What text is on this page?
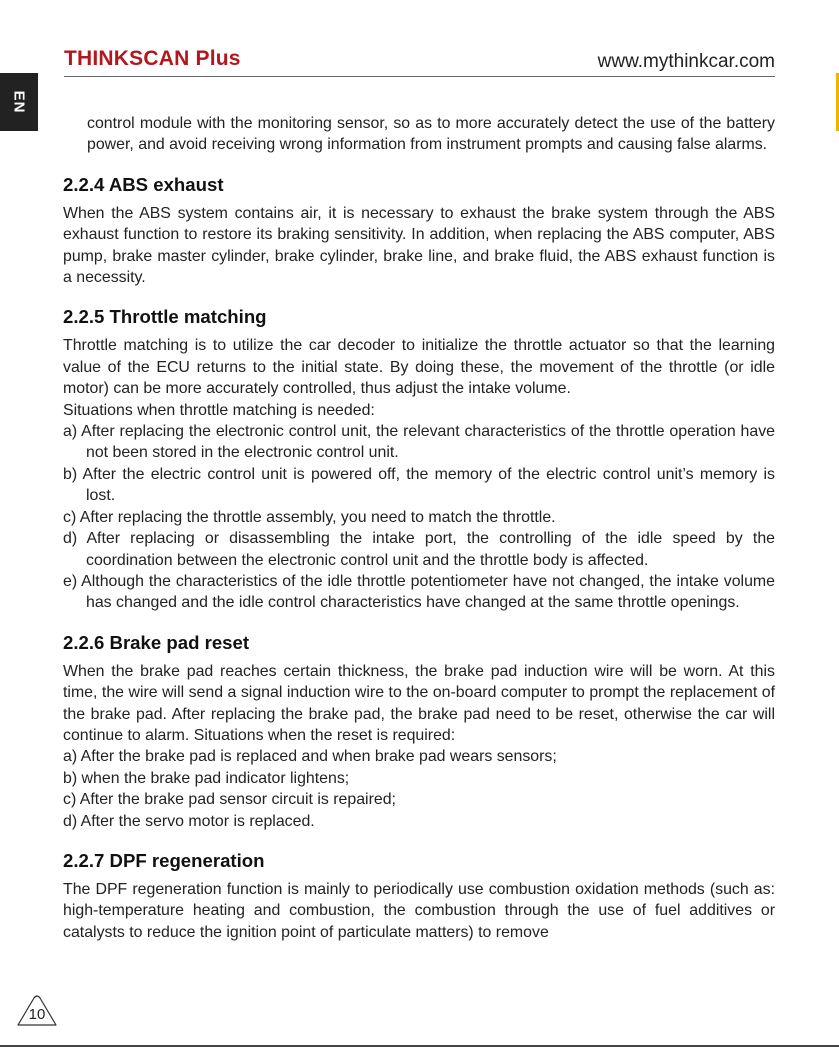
THINKSCAN Plus	www.mythinkcar.com
EN

control module with the monitoring sensor, so as to more accurately detect the use of the battery power, and avoid receiving wrong information from instrument prompts and causing false alarms.

2.2.4 ABS exhaust

When the ABS system contains air, it is necessary to exhaust the brake system through the ABS exhaust function to restore its braking sensitivity. In addition, when replacing the ABS computer, ABS pump, brake master cylinder, brake cylinder, brake line, and brake fluid, the ABS exhaust function is a necessity.

2.2.5 Throttle matching

Throttle matching is to utilize the car decoder to initialize the throttle actuator so that the learning value of the ECU returns to the initial state. By doing these, the movement of the throttle (or idle motor) can be more accurately controlled, thus adjust the intake volume.

Situations when throttle matching is needed:

a) After replacing the electronic control unit, the relevant characteristics of the throttle operation have not been stored in the electronic control unit.

b) After the electric control unit is powered off, the memory of the electric control unit’s memory is lost.

c) After replacing the throttle assembly, you need to match the throttle.

d) After replacing or disassembling the intake port, the controlling of the idle speed by the coordination between the electronic control unit and the throttle body is affected.

e) Although the characteristics of the idle throttle potentiometer have not changed, the intake volume has changed and the idle control characteristics have changed at the same throttle openings.

2.2.6 Brake pad reset

When the brake pad reaches certain thickness, the brake pad induction wire will be worn. At this time, the wire will send a signal induction wire to the on-board computer to prompt the replacement of the brake pad. After replacing the brake pad, the brake pad need to be reset, otherwise the car will continue to alarm. Situations when the reset is required:

a) After the brake pad is replaced and when brake pad wears sensors;

b) when the brake pad indicator lightens;

c) After the brake pad sensor circuit is repaired;

d) After the servo motor is replaced.

2.2.7 DPF regeneration

The DPF regeneration function is mainly to periodically use combustion oxidation methods (such as: high-temperature heating and combustion, the combustion through the use of fuel additives or catalysts to reduce the ignition point of particulate matters) to remove

10
